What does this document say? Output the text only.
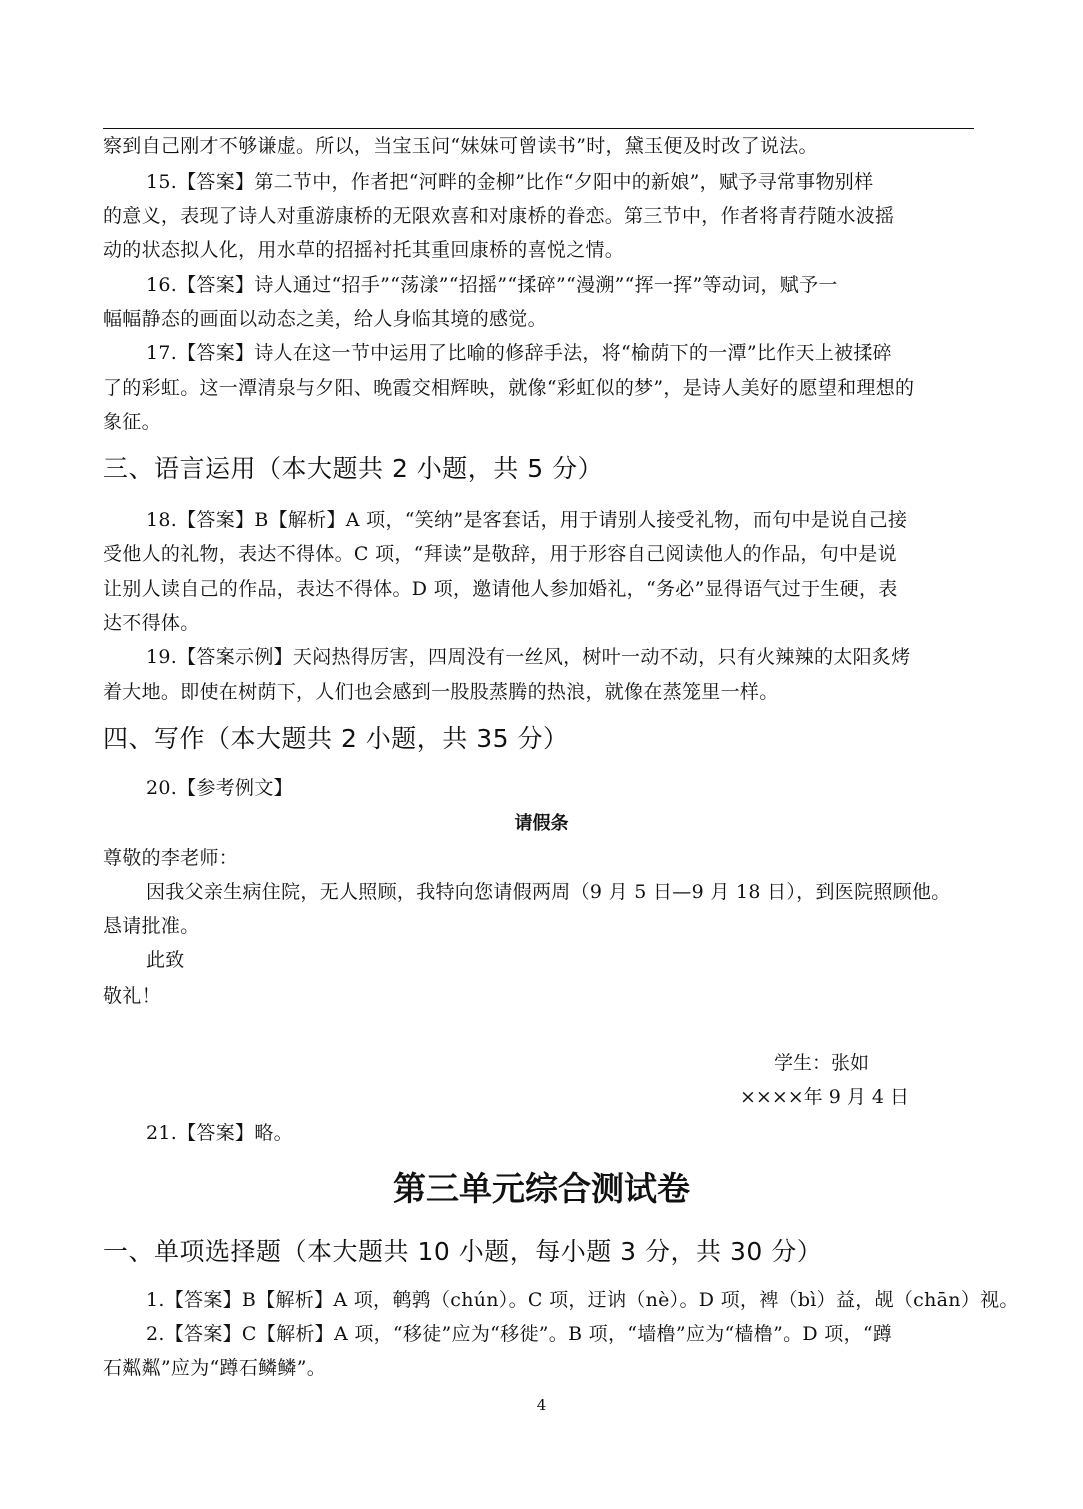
察到自己刚才不够谦虚。所以，当宝玉问“妹妹可曾读书”时，黛玉便及时改了说法。
15.【答案】第二节中，作者把“河畔的金柳”比作“夕阳中的新娘”，赋予寻常事物别样
的意义，表现了诗人对重游康桥的无限欢喜和对康桥的眷恋。第三节中，作者将青荇随水波摇
动的状态拟人化，用水草的招摇衬托其重回康桥的喜悦之情。
16.【答案】诗人通过“招手”“荡漾”“招摇”“揉碎”“漫溯”“挥一挥”等动词，赋予一
幅幅静态的画面以动态之美，给人身临其境的感觉。
17.【答案】诗人在这一节中运用了比喻的修辞手法，将“榆荫下的一潭”比作天上被揉碎
了的彩虹。这一潭清泉与夕阳、晚霞交相辉映，就像“彩虹似的梦”，是诗人美好的愿望和理想的
象征。
三、语言运用（本大题共 2 小题，共 5 分）
18.【答案】B【解析】A 项，“笑纳”是客套话，用于请别人接受礼物，而句中是说自己接
受他人的礼物，表达不得体。C 项，“拜读”是敬辞，用于形容自己阅读他人的作品，句中是说
让别人读自己的作品，表达不得体。D 项，邀请他人参加婚礼，“务必”显得语气过于生硬，表
达不得体。
19.【答案示例】天闷热得厉害，四周没有一丝风，树叶一动不动，只有火辣辣的太阳炙烤
着大地。即使在树荫下，人们也会感到一股股蒸腾的热浪，就像在蒸笼里一样。
四、写作（本大题共 2 小题，共 35 分）
20.【参考例文】
请假条
尊敬的李老师：
因我父亲生病住院，无人照顾，我特向您请假两周（9 月 5 日—9 月 18 日），到医院照顾他。
恳请批准。
此致
敬礼！
学生：张如
××××年 9 月 4 日
21.【答案】略。
第三单元综合测试卷
一、单项选择题（本大题共 10 小题，每小题 3 分，共 30 分）
1.【答案】B【解析】A 项，鹌鹑（chún）。C 项，迂讷（nè）。D 项，裨（bì）益，觇（chān）视。
2.【答案】C【解析】A 项，“移徒”应为“移徙”。B 项，“墙橹”应为“樯橹”。D 项，“蹲
石粼粼”应为“蹲石鳞鳞”。
4
